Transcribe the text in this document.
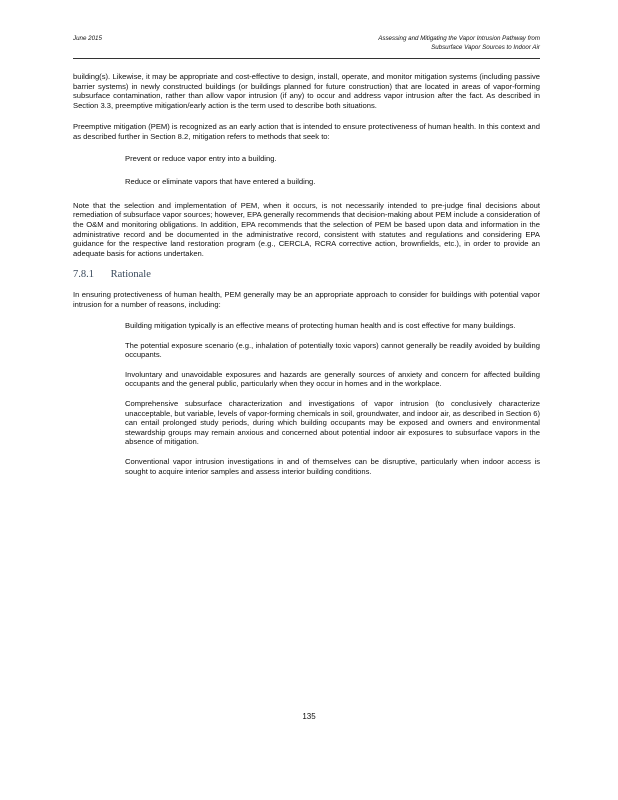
June 2015	Assessing and Mitigating the Vapor Intrusion Pathway from
Subsurface Vapor Sources to Indoor Air

building(s). Likewise, it may be appropriate and cost-effective to design, install, operate, and monitor mitigation systems (including passive barrier systems) in newly constructed buildings (or buildings planned for future construction) that are located in areas of vapor-forming subsurface contamination, rather than allow vapor intrusion (if any) to occur and address vapor intrusion after the fact. As described in Section 3.3, preemptive mitigation/early action is the term used to describe both situations.

Preemptive mitigation (PEM) is recognized as an early action that is intended to ensure protectiveness of human health. In this context and as described further in Section 8.2, mitigation refers to methods that seek to:

Prevent or reduce vapor entry into a building.
Reduce or eliminate vapors that have entered a building.

Note that the selection and implementation of PEM, when it occurs, is not necessarily intended to pre-judge final decisions about remediation of subsurface vapor sources; however, EPA generally recommends that decision-making about PEM include a consideration of the O&M and monitoring obligations. In addition, EPA recommends that the selection of PEM be based upon data and information in the administrative record and be documented in the administrative record, consistent with statutes and regulations and considering EPA guidance for the respective land restoration program (e.g., CERCLA, RCRA corrective action, brownfields, etc.), in order to provide an adequate basis for actions undertaken.

7.8.1 Rationale

In ensuring protectiveness of human health, PEM generally may be an appropriate approach to consider for buildings with potential vapor intrusion for a number of reasons, including:

Building mitigation typically is an effective means of protecting human health and is cost effective for many buildings.
The potential exposure scenario (e.g., inhalation of potentially toxic vapors) cannot generally be readily avoided by building occupants.
Involuntary and unavoidable exposures and hazards are generally sources of anxiety and concern for affected building occupants and the general public, particularly when they occur in homes and in the workplace.
Comprehensive subsurface characterization and investigations of vapor intrusion (to conclusively characterize unacceptable, but variable, levels of vapor-forming chemicals in soil, groundwater, and indoor air, as described in Section 6) can entail prolonged study periods, during which building occupants may be exposed and owners and environmental stewardship groups may remain anxious and concerned about potential indoor air exposures to subsurface vapors in the absence of mitigation.
Conventional vapor intrusion investigations in and of themselves can be disruptive, particularly when indoor access is sought to acquire interior samples and assess interior building conditions.
135
